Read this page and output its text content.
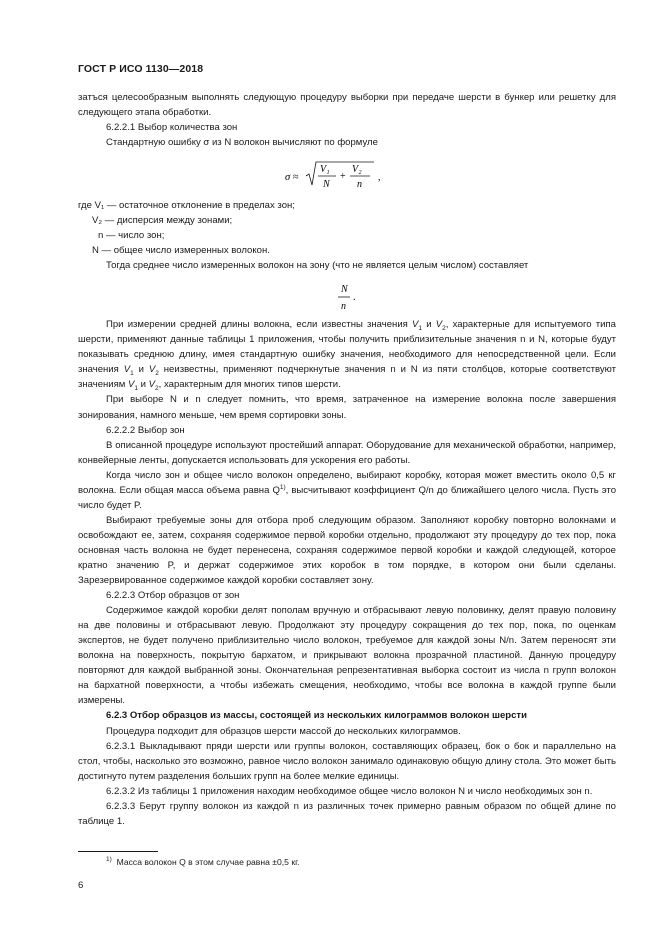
ГОСТ Р ИСО 1130—2018

затъся целесообразным выполнять следующую процедуру выборки при передаче шерсти в бункер или решетку для следующего этапа обработки.

6.2.2.1 Выбор количества зон

Стандартную ошибку σ из N волокон вычисляют по формуле

σ ≈
V₁
N
+
V₂
n
,
где V₁ — остаточное отклонение в пределах зон;
V₂ — дисперсия между зонами;
n — число зон;
N — общее число измеренных волокон.

Тогда среднее число измеренных волокон на зону (что не является целым числом) составляет

N
n
.

При измерении средней длины волокна, если известны значения $V_1$ и $V_2$, характерные для испытуемого типа шерсти, применяют данные таблицы 1 приложения, чтобы получить приблизительные значения n и N, которые будут показывать среднюю длину, имея стандартную ошибку значения, необходимого для непосредственной цели. Если значения $V_1$ и $V_2$ неизвестны, применяют подчеркнутые значения n и N из пяти столбцов, которые соответствуют значениям $V_1$ и $V_2$, характерным для многих типов шерсти.

При выборе N и n следует помнить, что время, затраченное на измерение волокна после завершения зонирования, намного меньше, чем время сортировки зоны.

6.2.2.2 Выбор зон

В описанной процедуре используют простейший аппарат. Оборудование для механической обработки, например, конвейерные ленты, допускается использовать для ускорения его работы.

Когда число зон и общее число волокон определено, выбирают коробку, которая может вместить около 0,5 кг волокна. Если общая масса объема равна $Q^{1)}$, высчитывают коэффициент Q/n до ближайшего целого числа. Пусть это число будет P.

Выбирают требуемые зоны для отбора проб следующим образом. Заполняют коробку повторно волокнами и освобождают ее, затем, сохраняя содержимое первой коробки отдельно, продолжают эту процедуру до тех пор, пока основная часть волокна не будет перенесена, сохраняя содержимое первой коробки и каждой следующей, которое кратно значению P, и держат содержимое этих коробок в том порядке, в котором они были сделаны. Зарезервированное содержимое каждой коробки составляет зону.

6.2.2.3 Отбор образцов от зон

Содержимое каждой коробки делят пополам вручную и отбрасывают левую половинку, делят правую половину на две половины и отбрасывают левую. Продолжают эту процедуру сокращения до тех пор, пока, по оценкам экспертов, не будет получено приблизительно число волокон, требуемое для каждой зоны N/n. Затем переносят эти волокна на поверхность, покрытую бархатом, и прикрывают волокна прозрачной пластиной. Данную процедуру повторяют для каждой выбранной зоны. Окончательная репрезентативная выборка состоит из числа n групп волокон на бархатной поверхности, а чтобы избежать смещения, необходимо, чтобы все волокна в каждой группе были измерены.

6.2.3 Отбор образцов из массы, состоящей из нескольких килограммов волокон шерсти

Процедура подходит для образцов шерсти массой до нескольких килограммов.

6.2.3.1 Выкладывают пряди шерсти или группы волокон, составляющих образец, бок о бок и параллельно на стол, чтобы, насколько это возможно, равное число волокон занимало одинаковую общую длину стола. Это может быть достигнуто путем разделения больших групп на более мелкие единицы.

6.2.3.2 Из таблицы 1 приложения находим необходимое общее число волокон N и число необходимых зон n.

6.2.3.3 Берут группу волокон из каждой n из различных точек примерно равным образом по общей длине по таблице 1.

$^{1)}$ Масса волокон Q в этом случае равна ±0,5 кг.
6
